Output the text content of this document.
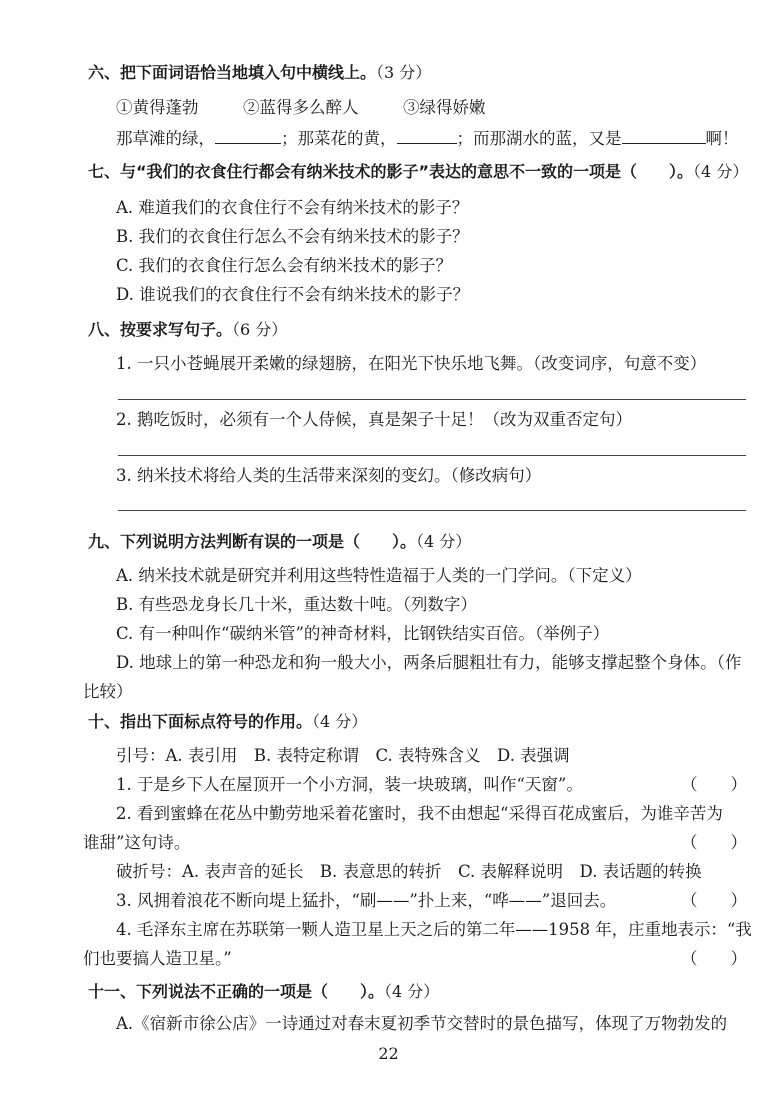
六、把下面词语恰当地填入句中横线上。（3 分）
①黄得蓬勃	②蓝得多么醉人	③绿得娇嫩
那草滩的绿，	；那菜花的黄，	；而那湖水的蓝，又是	啊！
七、与“我们的衣食住行都会有纳米技术的影子”表达的意思不一致的一项是（　　）。（4 分）
A. 难道我们的衣食住行不会有纳米技术的影子？
B. 我们的衣食住行怎么不会有纳米技术的影子？
C. 我们的衣食住行怎么会有纳米技术的影子？
D. 谁说我们的衣食住行不会有纳米技术的影子？
八、按要求写句子。（6 分）
1. 一只小苍蝇展开柔嫩的绿翅膀，在阳光下快乐地飞舞。（改变词序，句意不变）
2. 鹅吃饭时，必须有一个人侍候，真是架子十足！（改为双重否定句）
3. 纳米技术将给人类的生活带来深刻的变幻。（修改病句）
九、下列说明方法判断有误的一项是（　　）。（4 分）
A. 纳米技术就是研究并利用这些特性造福于人类的一门学问。（下定义）
B. 有些恐龙身长几十米，重达数十吨。（列数字）
C. 有一种叫作“碳纳米管”的神奇材料，比钢铁结实百倍。（举例子）
D. 地球上的第一种恐龙和狗一般大小，两条后腿粗壮有力，能够支撑起整个身体。（作
比较）
十、指出下面标点符号的作用。（4 分）
引号：A. 表引用　B. 表特定称谓　C. 表特殊含义　D. 表强调
1. 于是乡下人在屋顶开一个小方洞，装一块玻璃，叫作“天窗”。	（　　）
2. 看到蜜蜂在花丛中勤劳地采着花蜜时，我不由想起“采得百花成蜜后，为谁辛苦为
谁甜”这句诗。	（　　）
破折号：A. 表声音的延长　B. 表意思的转折　C. 表解释说明　D. 表话题的转换
3. 风拥着浪花不断向堤上猛扑，“刷——”扑上来，“哗——”退回去。	（　　）
4. 毛泽东主席在苏联第一颗人造卫星上天之后的第二年——1958 年，庄重地表示：“我
们也要搞人造卫星。”	（　　）
十一、下列说法不正确的一项是（　　）。（4 分）
A.《宿新市徐公店》一诗通过对春末夏初季节交替时的景色描写，体现了万物勃发的
22
